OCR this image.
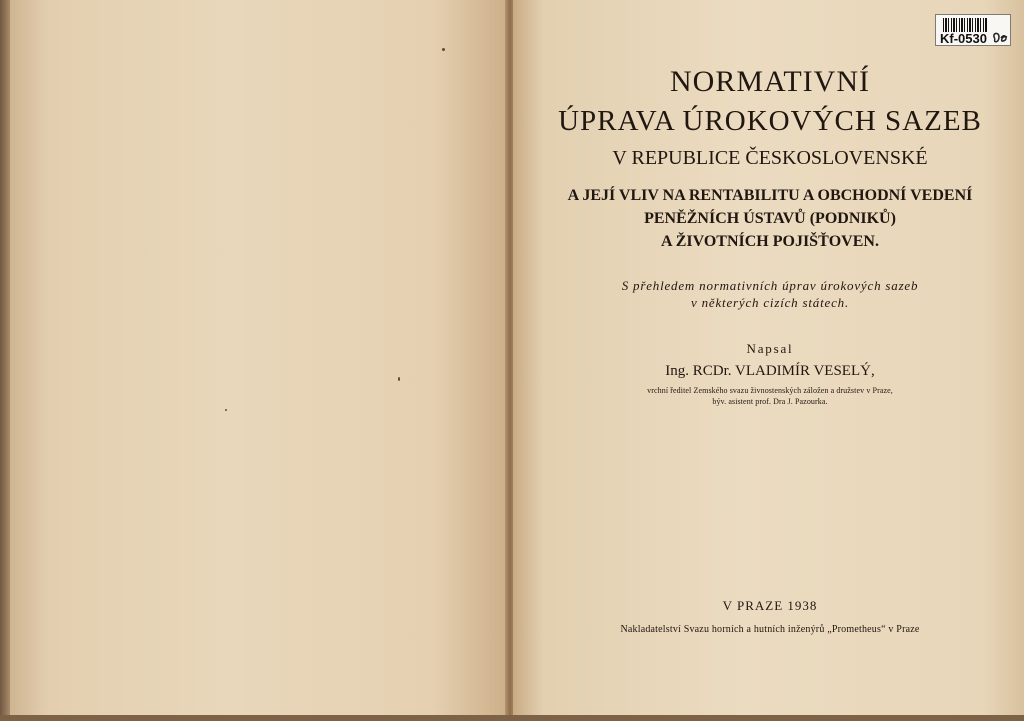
Kf-0530
NORMATIVNÍ
ÚPRAVA ÚROKOVÝCH SAZEB
V REPUBLICE ČESKOSLOVENSKÉ
A JEJÍ VLIV NA RENTABILITU A OBCHODNÍ VEDENÍ
PENĚŽNÍCH ÚSTAVŮ (PODNIKŮ)
A ŽIVOTNÍCH POJIŠŤOVEN.
S přehledem normativních úprav úrokových sazeb
v některých cizích státech.
Napsal
Ing. RCDr. VLADIMÍR VESELÝ,
vrchní ředitel Zemského svazu živnostenských záložen a družstev v Praze,
býv. asistent prof. Dra J. Pazourka.
V PRAZE 1938
Nakladatelství Svazu horních a hutních inženýrů „Prometheus“ v Praze
